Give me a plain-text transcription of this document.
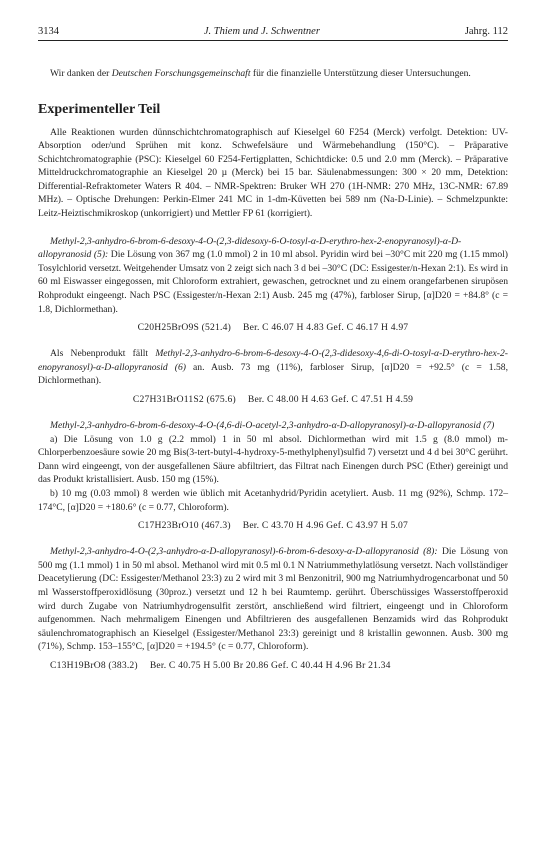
3134	J. Thiem und J. Schwentner	Jahrg. 112
Wir danken der Deutschen Forschungsgemeinschaft für die finanzielle Unterstützung dieser Untersuchungen.
Experimenteller Teil

Alle Reaktionen wurden dünnschichtchromatographisch auf Kieselgel 60 F254 (Merck) verfolgt. Detektion: UV-Absorption oder/und Sprühen mit konz. Schwefelsäure und Wärmebehandlung (150°C). – Präparative Schichtchromatographie (PSC): Kieselgel 60 F254-Fertigplatten, Schichtdicke: 0.5 und 2.0 mm (Merck). – Präparative Mitteldruckchromatographie an Kieselgel 20 µ (Merck) bei 15 bar. Säulenabmessungen: 300 × 20 mm, Detektion: Differential-Refraktometer Waters R 404. – NMR-Spektren: Bruker WH 270 (1H-NMR: 270 MHz, 13C-NMR: 67.89 MHz). – Optische Drehungen: Perkin-Elmer 241 MC in 1-dm-Küvetten bei 589 nm (Na-D-Linie). – Schmelzpunkte: Leitz-Heiztischmikroskop (unkorrigiert) und Mettler FP 61 (korrigiert).

Methyl-2,3-anhydro-6-brom-6-desoxy-4-O-(2,3-didesoxy-6-O-tosyl-α-D-erythro-hex-2-enopyranosyl)-α-D-allopyranosid (5): Die Lösung von 367 mg (1.0 mmol) 2 in 10 ml absol. Pyridin wird bei –30°C mit 220 mg (1.15 mmol) Tosylchlorid versetzt. Weitgehender Umsatz von 2 zeigt sich nach 3 d bei –30°C (DC: Essigester/n-Hexan 2:1). Es wird in 60 ml Eiswasser eingegossen, mit Chloroform extrahiert, gewaschen, getrocknet und zu einem orangefarbenen sirupösen Rohprodukt eingeengt. Nach PSC (Essigester/n-Hexan 2:1) Ausb. 245 mg (47%), farbloser Sirup, [α]D20 = +84.8° (c = 1.8, Dichlormethan).

C20H25BrO9S (521.4) Ber. C 46.07 H 4.83 Gef. C 46.17 H 4.97

Als Nebenprodukt fällt Methyl-2,3-anhydro-6-brom-6-desoxy-4-O-(2,3-didesoxy-4,6-di-O-tosyl-α-D-erythro-hex-2-enopyranosyl)-α-D-allopyranosid (6) an. Ausb. 73 mg (11%), farbloser Sirup, [α]D20 = +92.5° (c = 1.58, Dichlormethan).

C27H31BrO11S2 (675.6) Ber. C 48.00 H 4.63 Gef. C 47.51 H 4.59

Methyl-2,3-anhydro-6-brom-6-desoxy-4-O-(4,6-di-O-acetyl-2,3-anhydro-α-D-allopyranosyl)-α-D-allopyranosid (7)

a) Die Lösung von 1.0 g (2.2 mmol) 1 in 50 ml absol. Dichlormethan wird mit 1.5 g (8.0 mmol) m-Chlorperbenzoesäure sowie 20 mg Bis(3-tert-butyl-4-hydroxy-5-methylphenyl)sulfid 7) versetzt und 4 d bei 30°C gerührt. Dann wird eingeengt, von der ausgefallenen Säure abfiltriert, das Filtrat nach Einengen durch PSC (Ether) gereinigt und das Produkt kristallisiert. Ausb. 150 mg (15%).

b) 10 mg (0.03 mmol) 8 werden wie üblich mit Acetanhydrid/Pyridin acetyliert. Ausb. 11 mg (92%), Schmp. 172–174°C, [α]D20 = +180.6° (c = 0.77, Chloroform).

C17H23BrO10 (467.3) Ber. C 43.70 H 4.96 Gef. C 43.97 H 5.07

Methyl-2,3-anhydro-4-O-(2,3-anhydro-α-D-allopyranosyl)-6-brom-6-desoxy-α-D-allopyranosid (8): Die Lösung von 500 mg (1.1 mmol) 1 in 50 ml absol. Methanol wird mit 0.5 ml 0.1 N Natriummethylatlösung versetzt. Nach vollständiger Deacetylierung (DC: Essigester/Methanol 23:3) zu 2 wird mit 3 ml Benzonitril, 900 mg Natriumhydrogencarbonat und 50 ml Wasserstoffperoxidlösung (30proz.) versetzt und 12 h bei Raumtemp. gerührt. Überschüssiges Wasserstoffperoxid wird durch Zugabe von Natriumhydrogensulfit zerstört, anschließend wird filtriert, eingeengt und in Chloroform aufgenommen. Nach mehrmaligem Einengen und Abfiltrieren des ausgefallenen Benzamids wird das Rohprodukt säulenchromatographisch an Kieselgel (Essigester/Methanol 23:3) gereinigt und 8 kristallin gewonnen. Ausb. 300 mg (71%), Schmp. 153–155°C, [α]D20 = +194.5° (c = 0.77, Chloroform).

C13H19BrO8 (383.2) Ber. C 40.75 H 5.00 Br 20.86 Gef. C 40.44 H 4.96 Br 21.34
